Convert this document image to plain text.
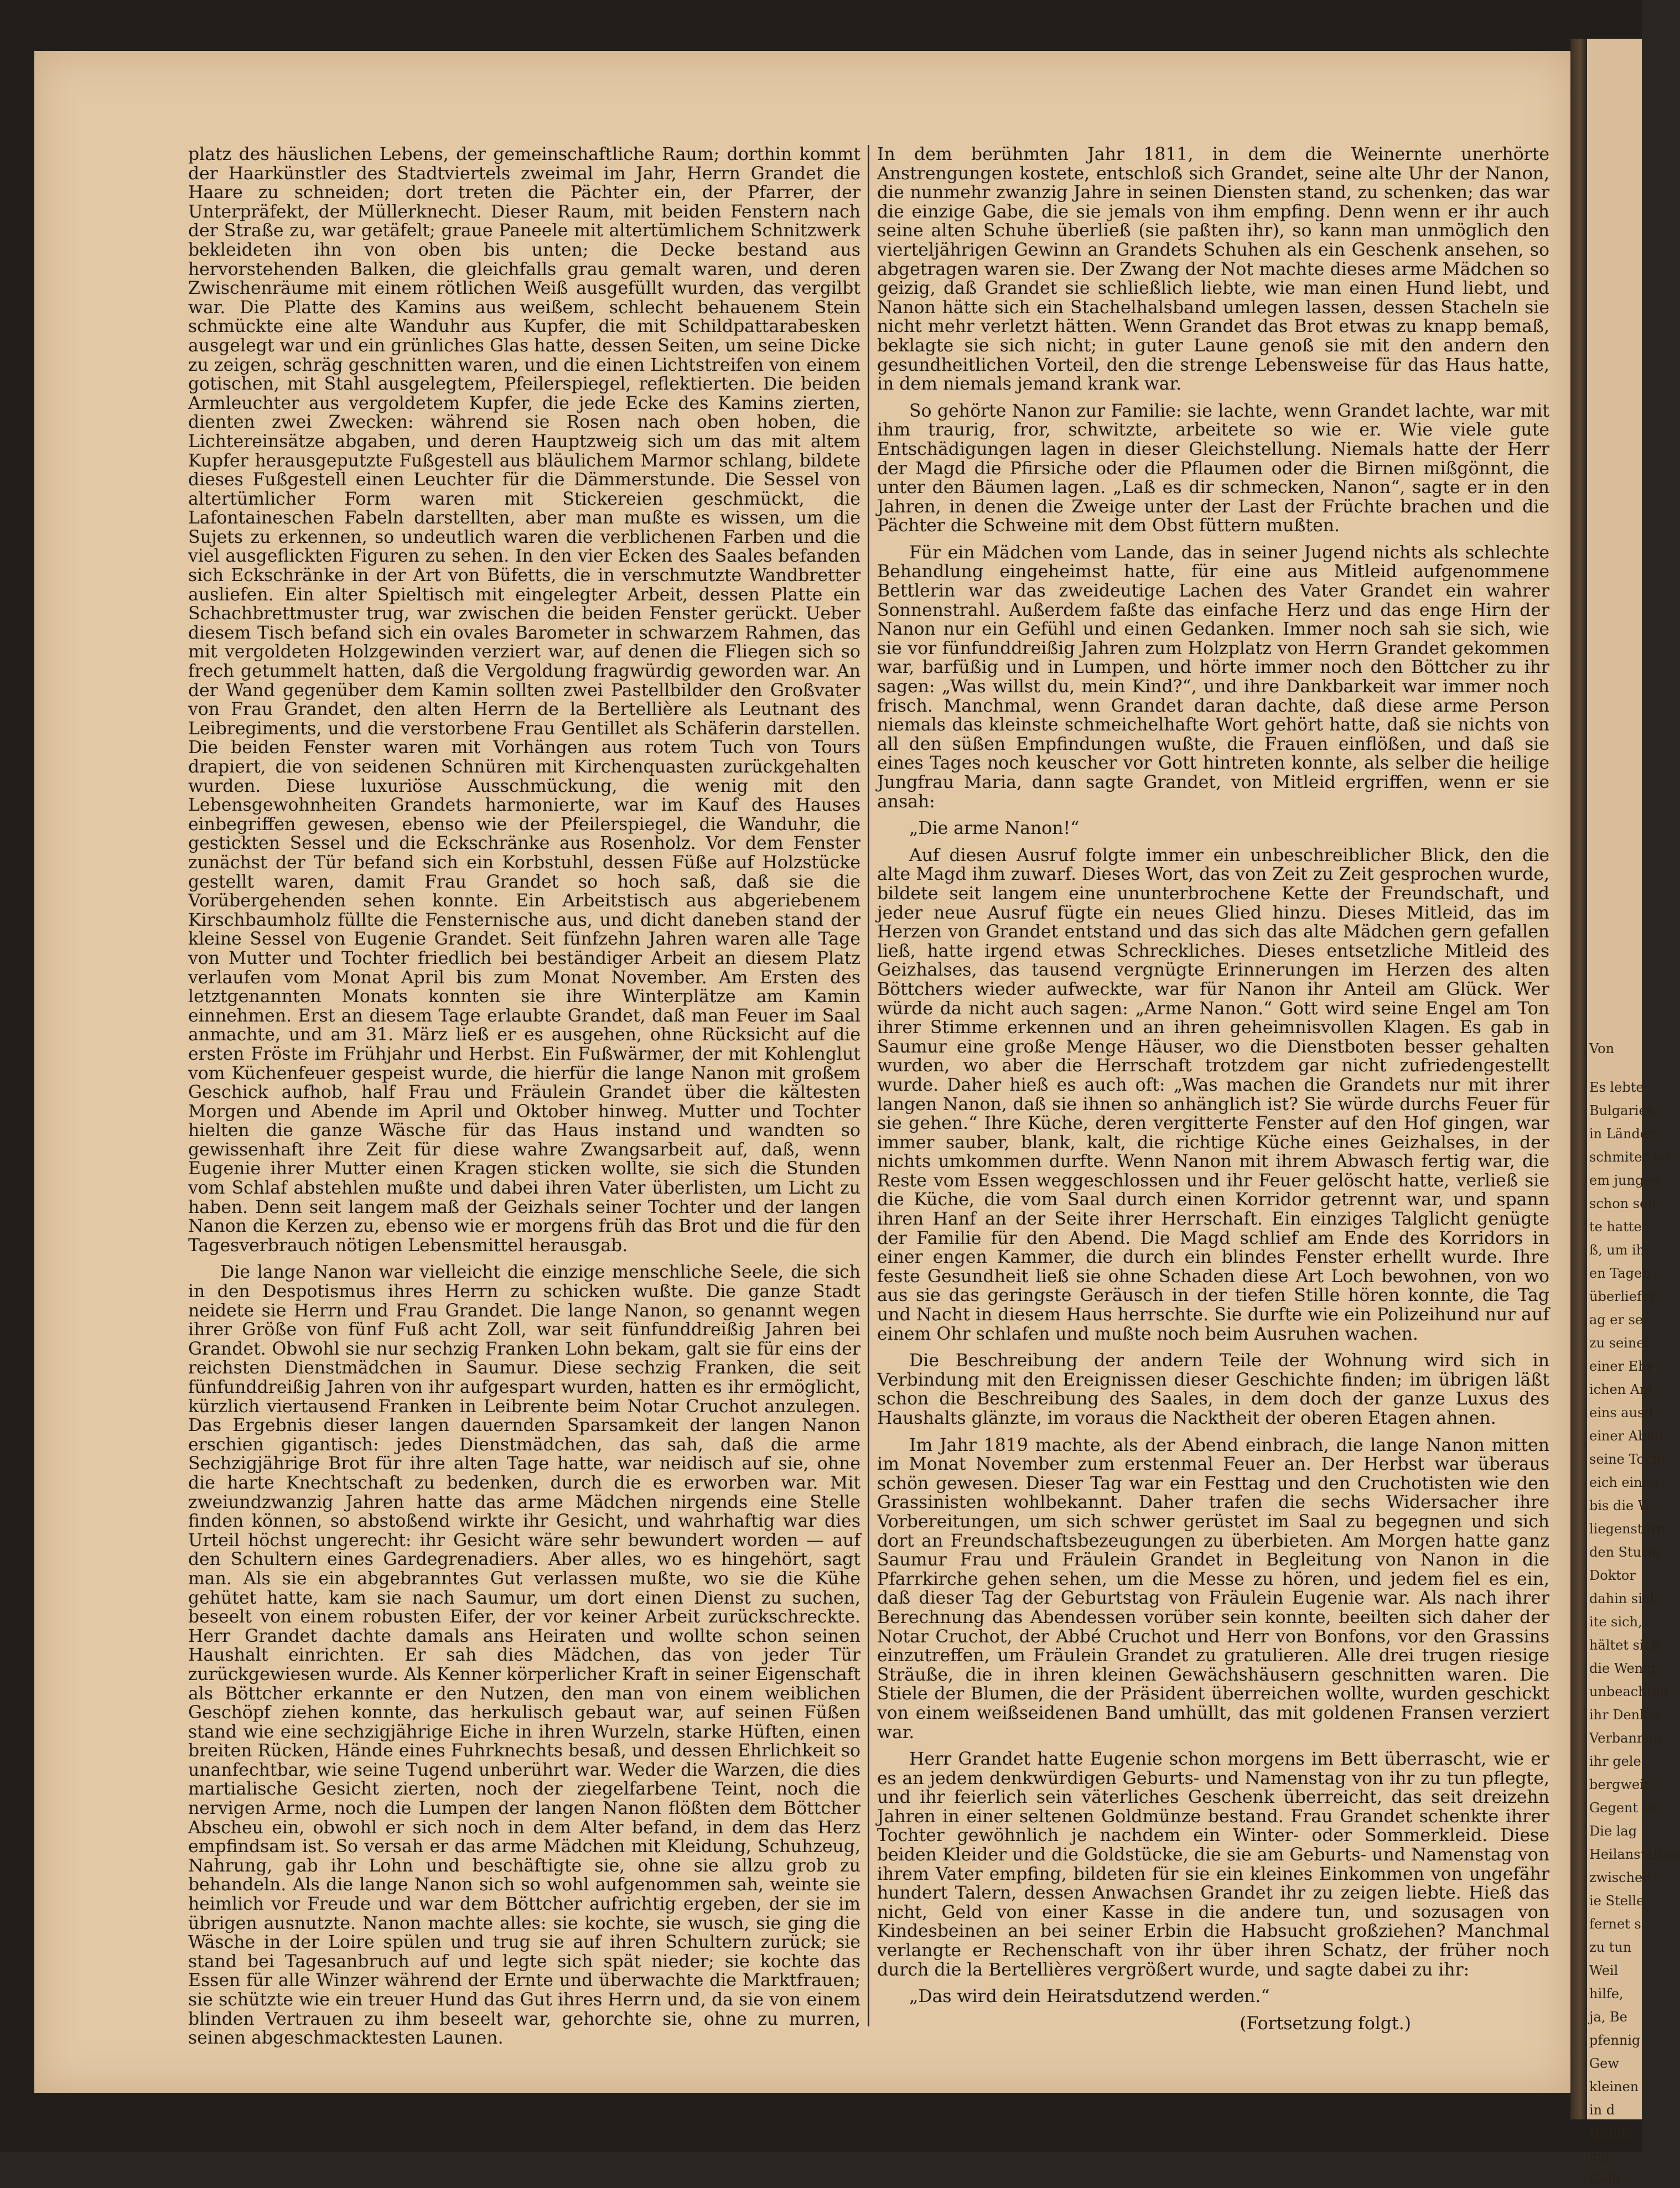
platz des häuslichen Lebens, der gemeinschaftliche Raum; dorthin kommt der Haarkünstler des Stadtviertels zweimal im Jahr, Herrn Grandet die Haare zu schneiden; dort treten die Pächter ein, der Pfarrer, der Unterpräfekt, der Müllerknecht. Dieser Raum, mit beiden Fenstern nach der Straße zu, war getäfelt; graue Paneele mit altertümlichem Schnitzwerk bekleideten ihn von oben bis unten; die Decke bestand aus hervorstehenden Balken, die gleichfalls grau gemalt waren, und deren Zwischenräume mit einem rötlichen Weiß ausgefüllt wurden, das vergilbt war. Die Platte des Kamins aus weißem, schlecht behauenem Stein schmückte eine alte Wanduhr aus Kupfer, die mit Schildpattarabesken ausgelegt war und ein grünliches Glas hatte, dessen Seiten, um seine Dicke zu zeigen, schräg geschnitten waren, und die einen Lichtstreifen von einem gotischen, mit Stahl ausgelegtem, Pfeilerspiegel, reflektierten. Die beiden Armleuchter aus vergoldetem Kupfer, die jede Ecke des Kamins zierten, dienten zwei Zwecken: während sie Rosen nach oben hoben, die Lichtereinsätze abgaben, und deren Hauptzweig sich um das mit altem Kupfer herausgeputzte Fußgestell aus bläulichem Marmor schlang, bildete dieses Fußgestell einen Leuchter für die Dämmerstunde. Die Sessel von altertümlicher Form waren mit Stickereien geschmückt, die Lafontaineschen Fabeln darstellten, aber man mußte es wissen, um die Sujets zu erkennen, so undeutlich waren die verblichenen Farben und die viel ausgeflickten Figuren zu sehen. In den vier Ecken des Saales befanden sich Eckschränke in der Art von Büfetts, die in verschmutzte Wandbretter ausliefen. Ein alter Spieltisch mit eingelegter Arbeit, dessen Platte ein Schachbrettmuster trug, war zwischen die beiden Fenster gerückt. Ueber diesem Tisch befand sich ein ovales Barometer in schwarzem Rahmen, das mit vergoldeten Holzgewinden verziert war, auf denen die Fliegen sich so frech getummelt hatten, daß die Vergoldung fragwürdig geworden war. An der Wand gegenüber dem Kamin sollten zwei Pastellbilder den Großvater von Frau Grandet, den alten Herrn de la Bertellière als Leutnant des Leibregiments, und die verstorbene Frau Gentillet als Schäferin darstellen. Die beiden Fenster waren mit Vorhängen aus rotem Tuch von Tours drapiert, die von seidenen Schnüren mit Kirchenquasten zurückgehalten wurden. Diese luxuriöse Ausschmückung, die wenig mit den Lebensgewohnheiten Grandets harmonierte, war im Kauf des Hauses einbegriffen gewesen, ebenso wie der Pfeilerspiegel, die Wanduhr, die gestickten Sessel und die Eckschränke aus Rosenholz. Vor dem Fenster zunächst der Tür befand sich ein Korbstuhl, dessen Füße auf Holzstücke gestellt waren, damit Frau Grandet so hoch saß, daß sie die Vorübergehenden sehen konnte. Ein Arbeitstisch aus abgeriebenem Kirschbaumholz füllte die Fensternische aus, und dicht daneben stand der kleine Sessel von Eugenie Grandet. Seit fünfzehn Jahren waren alle Tage von Mutter und Tochter friedlich bei beständiger Arbeit an diesem Platz verlaufen vom Monat April bis zum Monat November. Am Ersten des letztgenannten Monats konnten sie ihre Winterplätze am Kamin einnehmen. Erst an diesem Tage erlaubte Grandet, daß man Feuer im Saal anmachte, und am 31. März ließ er es ausgehen, ohne Rücksicht auf die ersten Fröste im Frühjahr und Herbst. Ein Fußwärmer, der mit Kohlenglut vom Küchenfeuer gespeist wurde, die hierfür die lange Nanon mit großem Geschick aufhob, half Frau und Fräulein Grandet über die kältesten Morgen und Abende im April und Oktober hinweg. Mutter und Tochter hielten die ganze Wäsche für das Haus instand und wandten so gewissenhaft ihre Zeit für diese wahre Zwangsarbeit auf, daß, wenn Eugenie ihrer Mutter einen Kragen sticken wollte, sie sich die Stunden vom Schlaf abstehlen mußte und dabei ihren Vater überlisten, um Licht zu haben. Denn seit langem maß der Geizhals seiner Tochter und der langen Nanon die Kerzen zu, ebenso wie er morgens früh das Brot und die für den Tagesverbrauch nötigen Lebensmittel herausgab.

Die lange Nanon war vielleicht die einzige menschliche Seele, die sich in den Despotismus ihres Herrn zu schicken wußte. Die ganze Stadt neidete sie Herrn und Frau Grandet. Die lange Nanon, so genannt wegen ihrer Größe von fünf Fuß acht Zoll, war seit fünfunddreißig Jahren bei Grandet. Obwohl sie nur sechzig Franken Lohn bekam, galt sie für eins der reichsten Dienstmädchen in Saumur. Diese sechzig Franken, die seit fünfunddreißig Jahren von ihr aufgespart wurden, hatten es ihr ermöglicht, kürzlich viertausend Franken in Leibrente beim Notar Cruchot anzulegen. Das Ergebnis dieser langen dauernden Sparsamkeit der langen Nanon erschien gigantisch: jedes Dienstmädchen, das sah, daß die arme Sechzigjährige Brot für ihre alten Tage hatte, war neidisch auf sie, ohne die harte Knechtschaft zu bedenken, durch die es erworben war. Mit zweiundzwanzig Jahren hatte das arme Mädchen nirgends eine Stelle finden können, so abstoßend wirkte ihr Gesicht, und wahrhaftig war dies Urteil höchst ungerecht: ihr Gesicht wäre sehr bewundert worden — auf den Schultern eines Gardegrenadiers. Aber alles, wo es hingehört, sagt man. Als sie ein abgebranntes Gut verlassen mußte, wo sie die Kühe gehütet hatte, kam sie nach Saumur, um dort einen Dienst zu suchen, beseelt von einem robusten Eifer, der vor keiner Arbeit zurückschreckte. Herr Grandet dachte damals ans Heiraten und wollte schon seinen Haushalt einrichten. Er sah dies Mädchen, das von jeder Tür zurückgewiesen wurde. Als Kenner körperlicher Kraft in seiner Eigenschaft als Böttcher erkannte er den Nutzen, den man von einem weiblichen Geschöpf ziehen konnte, das herkulisch gebaut war, auf seinen Füßen stand wie eine sechzigjährige Eiche in ihren Wurzeln, starke Hüften, einen breiten Rücken, Hände eines Fuhrknechts besaß, und dessen Ehrlichkeit so unanfechtbar, wie seine Tugend unberührt war. Weder die Warzen, die dies martialische Gesicht zierten, noch der ziegelfarbene Teint, noch die nervigen Arme, noch die Lumpen der langen Nanon flößten dem Böttcher Abscheu ein, obwohl er sich noch in dem Alter befand, in dem das Herz empfindsam ist. So versah er das arme Mädchen mit Kleidung, Schuhzeug, Nahrung, gab ihr Lohn und beschäftigte sie, ohne sie allzu grob zu behandeln. Als die lange Nanon sich so wohl aufgenommen sah, weinte sie heimlich vor Freude und war dem Böttcher aufrichtig ergeben, der sie im übrigen ausnutzte. Nanon machte alles: sie kochte, sie wusch, sie ging die Wäsche in der Loire spülen und trug sie auf ihren Schultern zurück; sie stand bei Tagesanbruch auf und legte sich spät nieder; sie kochte das Essen für alle Winzer während der Ernte und überwachte die Marktfrauen; sie schützte wie ein treuer Hund das Gut ihres Herrn und, da sie von einem blinden Vertrauen zu ihm beseelt war, gehorchte sie, ohne zu murren, seinen abgeschmacktesten Launen.

In dem berühmten Jahr 1811, in dem die Weinernte unerhörte Anstrengungen kostete, entschloß sich Grandet, seine alte Uhr der Nanon, die nunmehr zwanzig Jahre in seinen Diensten stand, zu schenken; das war die einzige Gabe, die sie jemals von ihm empfing. Denn wenn er ihr auch seine alten Schuhe überließ (sie paßten ihr), so kann man unmöglich den vierteljährigen Gewinn an Grandets Schuhen als ein Geschenk ansehen, so abgetragen waren sie. Der Zwang der Not machte dieses arme Mädchen so geizig, daß Grandet sie schließlich liebte, wie man einen Hund liebt, und Nanon hätte sich ein Stachelhalsband umlegen lassen, dessen Stacheln sie nicht mehr verletzt hätten. Wenn Grandet das Brot etwas zu knapp bemaß, beklagte sie sich nicht; in guter Laune genoß sie mit den andern den gesundheitlichen Vorteil, den die strenge Lebensweise für das Haus hatte, in dem niemals jemand krank war.

So gehörte Nanon zur Familie: sie lachte, wenn Grandet lachte, war mit ihm traurig, fror, schwitzte, arbeitete so wie er. Wie viele gute Entschädigungen lagen in dieser Gleichstellung. Niemals hatte der Herr der Magd die Pfirsiche oder die Pflaumen oder die Birnen mißgönnt, die unter den Bäumen lagen. „Laß es dir schmecken, Nanon“, sagte er in den Jahren, in denen die Zweige unter der Last der Früchte brachen und die Pächter die Schweine mit dem Obst füttern mußten.

Für ein Mädchen vom Lande, das in seiner Jugend nichts als schlechte Behandlung eingeheimst hatte, für eine aus Mitleid aufgenommene Bettlerin war das zweideutige Lachen des Vater Grandet ein wahrer Sonnenstrahl. Außerdem faßte das einfache Herz und das enge Hirn der Nanon nur ein Gefühl und einen Gedanken. Immer noch sah sie sich, wie sie vor fünfunddreißig Jahren zum Holzplatz von Herrn Grandet gekommen war, barfüßig und in Lumpen, und hörte immer noch den Böttcher zu ihr sagen: „Was willst du, mein Kind?“, und ihre Dankbarkeit war immer noch frisch. Manchmal, wenn Grandet daran dachte, daß diese arme Person niemals das kleinste schmeichelhafte Wort gehört hatte, daß sie nichts von all den süßen Empfindungen wußte, die Frauen einflößen, und daß sie eines Tages noch keuscher vor Gott hintreten konnte, als selber die heilige Jungfrau Maria, dann sagte Grandet, von Mitleid ergriffen, wenn er sie ansah:

„Die arme Nanon!“

Auf diesen Ausruf folgte immer ein unbeschreiblicher Blick, den die alte Magd ihm zuwarf. Dieses Wort, das von Zeit zu Zeit gesprochen wurde, bildete seit langem eine ununterbrochene Kette der Freundschaft, und jeder neue Ausruf fügte ein neues Glied hinzu. Dieses Mitleid, das im Herzen von Grandet entstand und das sich das alte Mädchen gern gefallen ließ, hatte irgend etwas Schreckliches. Dieses entsetzliche Mitleid des Geizhalses, das tausend vergnügte Erinnerungen im Herzen des alten Böttchers wieder aufweckte, war für Nanon ihr Anteil am Glück. Wer würde da nicht auch sagen: „Arme Nanon.“ Gott wird seine Engel am Ton ihrer Stimme erkennen und an ihren geheimnisvollen Klagen. Es gab in Saumur eine große Menge Häuser, wo die Dienstboten besser gehalten wurden, wo aber die Herrschaft trotzdem gar nicht zufriedengestellt wurde. Daher hieß es auch oft: „Was machen die Grandets nur mit ihrer langen Nanon, daß sie ihnen so anhänglich ist? Sie würde durchs Feuer für sie gehen.“ Ihre Küche, deren vergitterte Fenster auf den Hof gingen, war immer sauber, blank, kalt, die richtige Küche eines Geizhalses, in der nichts umkommen durfte. Wenn Nanon mit ihrem Abwasch fertig war, die Reste vom Essen weggeschlossen und ihr Feuer gelöscht hatte, verließ sie die Küche, die vom Saal durch einen Korridor getrennt war, und spann ihren Hanf an der Seite ihrer Herrschaft. Ein einziges Talglicht genügte der Familie für den Abend. Die Magd schlief am Ende des Korridors in einer engen Kammer, die durch ein blindes Fenster erhellt wurde. Ihre feste Gesundheit ließ sie ohne Schaden diese Art Loch bewohnen, von wo aus sie das geringste Geräusch in der tiefen Stille hören konnte, die Tag und Nacht in diesem Haus herrschte. Sie durfte wie ein Polizeihund nur auf einem Ohr schlafen und mußte noch beim Ausruhen wachen.

Die Beschreibung der andern Teile der Wohnung wird sich in Verbindung mit den Ereignissen dieser Geschichte finden; im übrigen läßt schon die Beschreibung des Saales, in dem doch der ganze Luxus des Haushalts glänzte, im voraus die Nacktheit der oberen Etagen ahnen.

Im Jahr 1819 machte, als der Abend einbrach, die lange Nanon mitten im Monat November zum erstenmal Feuer an. Der Herbst war überaus schön gewesen. Dieser Tag war ein Festtag und den Cruchotisten wie den Grassinisten wohlbekannt. Daher trafen die sechs Widersacher ihre Vorbereitungen, um sich schwer gerüstet im Saal zu begegnen und sich dort an Freundschaftsbezeugungen zu überbieten. Am Morgen hatte ganz Saumur Frau und Fräulein Grandet in Begleitung von Nanon in die Pfarrkirche gehen sehen, um die Messe zu hören, und jedem fiel es ein, daß dieser Tag der Geburtstag von Fräulein Eugenie war. Als nach ihrer Berechnung das Abendessen vorüber sein konnte, beeilten sich daher der Notar Cruchot, der Abbé Cruchot und Herr von Bonfons, vor den Grassins einzutreffen, um Fräulein Grandet zu gratulieren. Alle drei trugen riesige Sträuße, die in ihren kleinen Gewächshäusern geschnitten waren. Die Stiele der Blumen, die der Präsident überreichen wollte, wurden geschickt von einem weißseidenen Band umhüllt, das mit goldenen Fransen verziert war.

Herr Grandet hatte Eugenie schon morgens im Bett überrascht, wie er es an jedem denkwürdigen Geburts- und Namenstag von ihr zu tun pflegte, und ihr feierlich sein väterliches Geschenk überreicht, das seit dreizehn Jahren in einer seltenen Goldmünze bestand. Frau Grandet schenkte ihrer Tochter gewöhnlich je nachdem ein Winter- oder Sommerkleid. Diese beiden Kleider und die Goldstücke, die sie am Geburts- und Namenstag von ihrem Vater empfing, bildeten für sie ein kleines Einkommen von ungefähr hundert Talern, dessen Anwachsen Grandet ihr zu zeigen liebte. Hieß das nicht, Geld von einer Kasse in die andere tun, und sozusagen von Kindesbeinen an bei seiner Erbin die Habsucht großziehen? Manchmal verlangte er Rechenschaft von ihr über ihren Schatz, der früher noch durch die la Bertellières vergrößert wurde, und sagte dabei zu ihr:

„Das wird dein Heiratsdutzend werden.“

(Fortsetzung folgt.)

Von
Es lebte
Bulgarien
in Länder
schmiter no
em jungen
schon seit
te hatte
ß, um ih
en Tagen
überliefer
ag er se
zu seiner
einer Ehr
ichen Ant
eins ausfi
einer Abler
seine Tocht
eich einen
bis die W
liegenstern
den Sturm
Doktor
dahin sich
ite sich,
hältet sich
die Wenig
unbeachten
ihr Denker
Verbannen
ihr gele
bergwein
Gegent es
Die lag
Heilanstalten
zwischen
ie Stelle
fernet s
zu tun
Weil
hilfe,
ja, Be
pfennig
Gew
kleinen
in d
Hände
ich
Gelb
